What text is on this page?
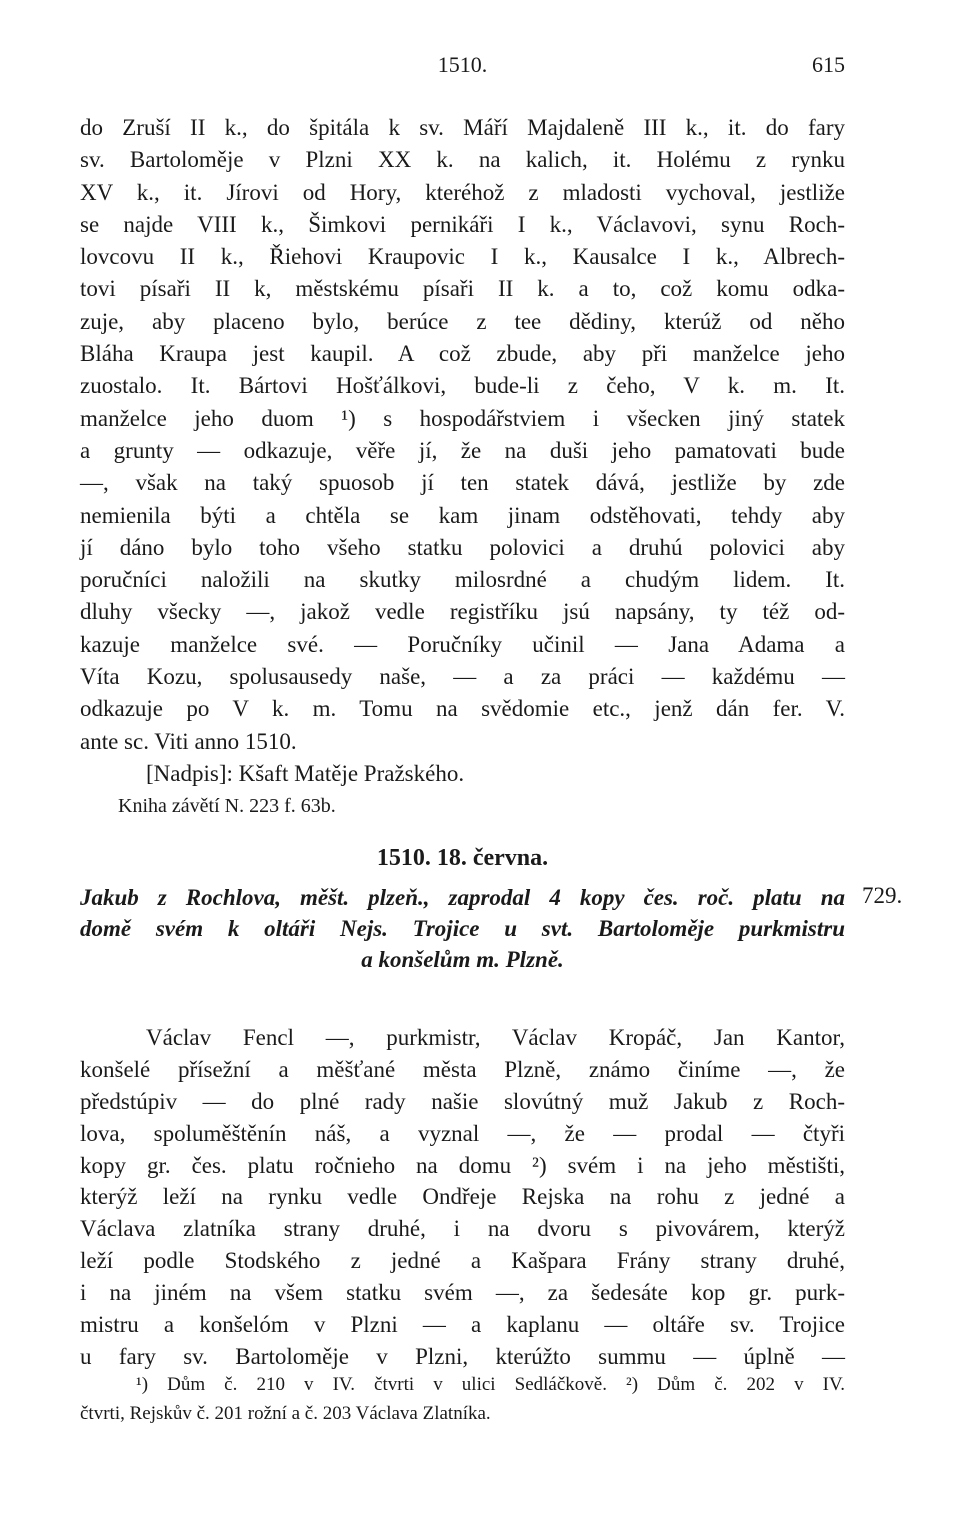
1510.	615
do Zruší II k., do špitála k sv. Máří Majdaleně III k., it. do fary
sv. Bartoloměje v Plzni XX k. na kalich, it. Holému z rynku
XV k., it. Jírovi od Hory, kteréhož z mladosti vychoval, jestliže
se najde VIII k., Šimkovi pernikáři I k., Václavovi, synu Roch-
lovcovu II k., Řiehovi Kraupovic I k., Kausalce I k., Albrech-
tovi písaři II k, městskému písaři II k. a to, což komu odka-
zuje, aby placeno bylo, berúce z tee dědiny, kterúž od něho
Bláha Kraupa jest kaupil. A což zbude, aby při manželce jeho
zuostalo. It. Bártovi Hošťálkovi, bude-li z čeho, V k. m. It.
manželce jeho duom ¹) s hospodářstviem i všecken jiný statek
a grunty — odkazuje, věře jí, že na duši jeho pamatovati bude
—, však na taký spuosob jí ten statek dává, jestliže by zde
nemienila býti a chtěla se kam jinam odstěhovati, tehdy aby
jí dáno bylo toho všeho statku polovici a druhú polovici aby
poručníci naložili na skutky milosrdné a chudým lidem. It.
dluhy všecky —, jakož vedle registříku jsú napsány, ty též od-
kazuje manželce své. — Poručníky učinil — Jana Adama a
Víta Kozu, spolusausedy naše, — a za práci — každému —
odkazuje po V k. m. Tomu na svědomie etc., jenž dán fer. V.
ante sc. Viti anno 1510.
[Nadpis]: Kšaft Matěje Pražského.
Kniha závětí N. 223 f. 63b.
1510. 18. června.
Jakub z Rochlova, měšt. plzeň., zaprodal 4 kopy čes. roč. platu na
domě svém k oltáři Nejs. Trojice u svt. Bartoloměje purkmistru
a konšelům m. Plzně.
729.
Václav Fencl —, purkmistr, Václav Kropáč, Jan Kantor,
konšelé přísežní a měšťané města Plzně, známo činíme —, že
předstúpiv — do plné rady našie slovútný muž Jakub z Roch-
lova, spoluměštěnín náš, a vyznal —, že — prodal — čtyři
kopy gr. čes. platu ročnieho na domu ²) svém i na jeho městišti,
kterýž leží na rynku vedle Ondřeje Rejska na rohu z jedné a
Václava zlatníka strany druhé, i na dvoru s pivovárem, kterýž
leží podle Stodského z jedné a Kašpara Frány strany druhé,
i na jiném na všem statku svém —, za šedesáte kop gr. purk-
mistru a konšelóm v Plzni — a kaplanu — oltáře sv. Trojice
u fary sv. Bartoloměje v Plzni, kterúžto summu — úplně —
¹) Dům č. 210 v IV. čtvrti v ulici Sedláčkově. ²) Dům č. 202 v IV.
čtvrti, Rejskův č. 201 rožní a č. 203 Václava Zlatníka.
